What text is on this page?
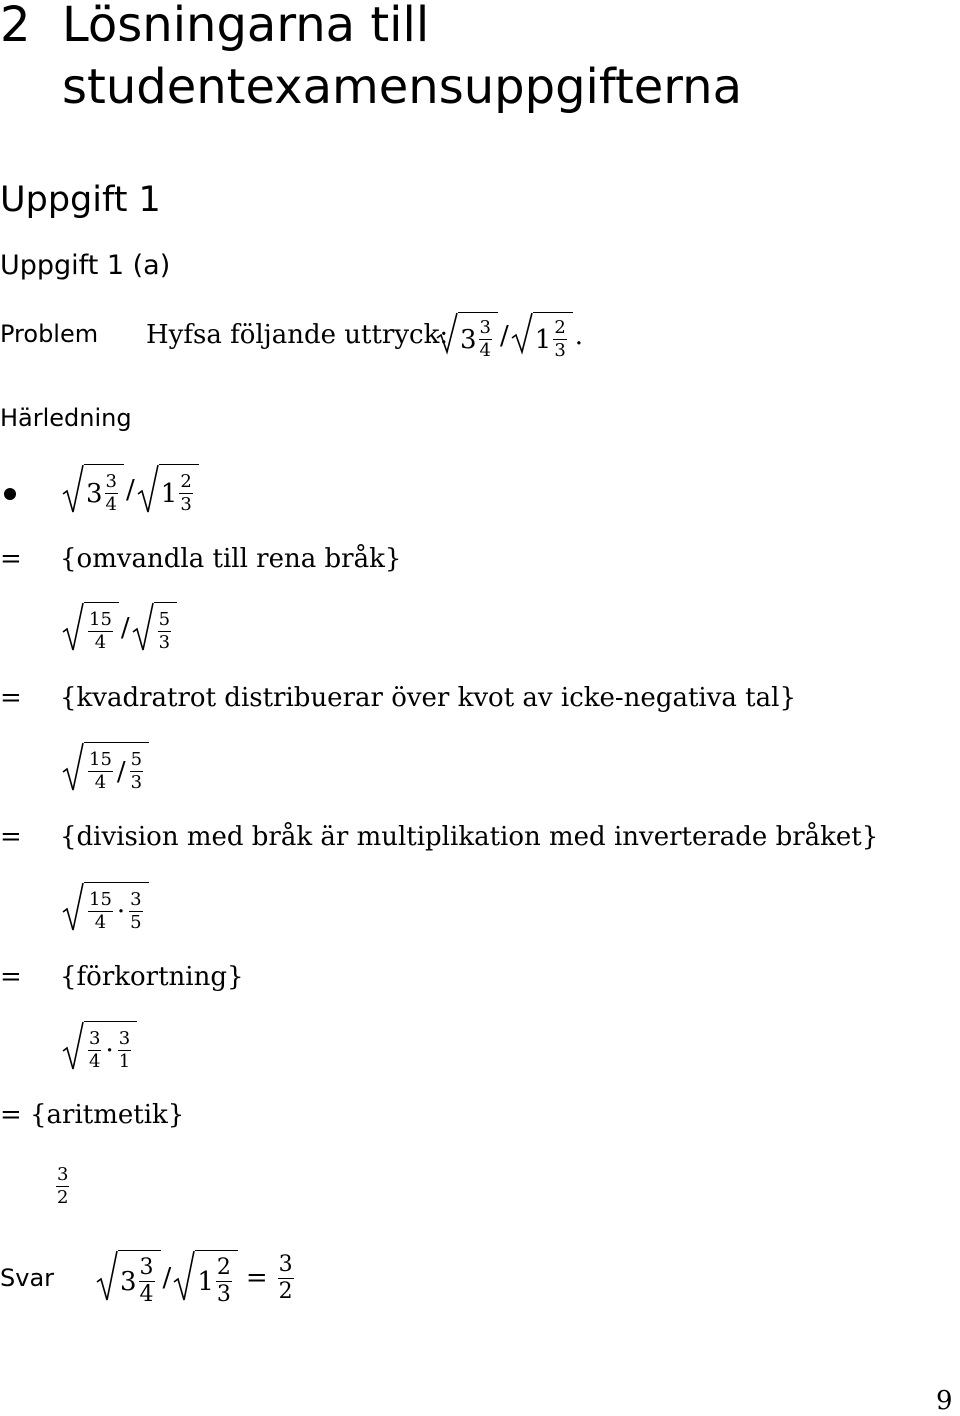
2 Lösningarna till
studentexamensuppgifterna
Uppgift 1
Uppgift 1 (a)
Problem Hyfsa följande uttryck: $3 \frac{3}{4} / 1 \frac{2}{3}$ .
Härledning
$3 \frac{3}{4} / 1 \frac{2}{3}$
= {omvandla till rena bråk}
$\frac{15}{4} / \frac{5}{3}$
= {kvadratrot distribuerar över kvot av icke-negativa tal}
$\frac{15}{4} / \frac{5}{3}$
= {division med bråk är multiplikation med inverterade bråket}
$\frac{15}{4} \cdot \frac{3}{5}$
= {förkortning}
$\frac{3}{4} \cdot \frac{3}{1}$
= {aritmetik}
$\frac{3}{2}$
Svar	$3 \frac{3}{4} / 1 \frac{2}{3} = \frac{3}{2}$
9
